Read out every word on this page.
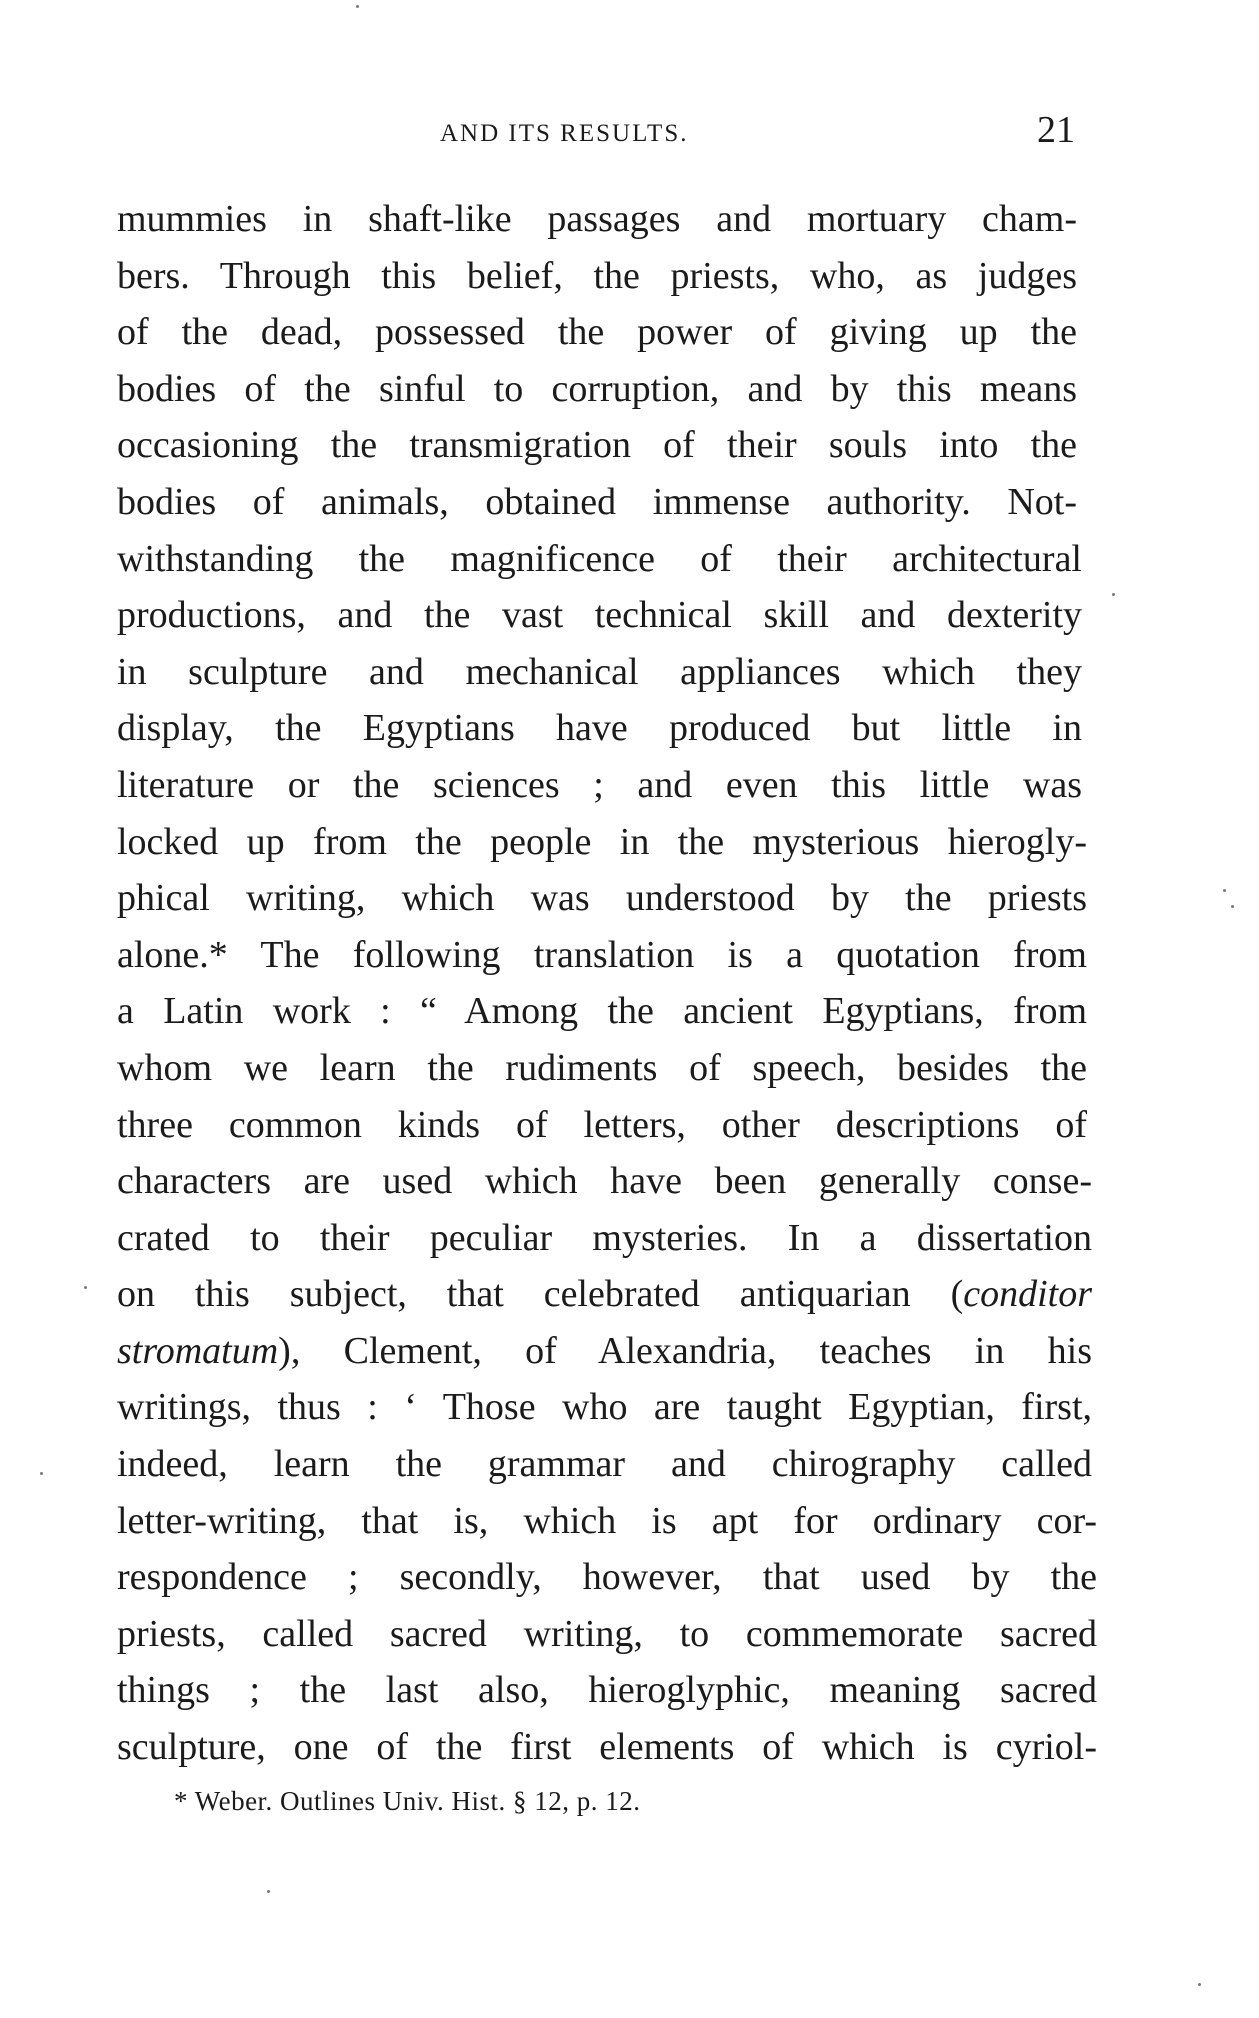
AND ITS RESULTS.	21
mummies in shaft-like passages and mortuary cham-
bers. Through this belief, the priests, who, as judges
of the dead, possessed the power of giving up the
bodies of the sinful to corruption, and by this means
occasioning the transmigration of their souls into the
bodies of animals, obtained immense authority. Not-
withstanding the magnificence of their architectural
productions, and the vast technical skill and dexterity
in sculpture and mechanical appliances which they
display, the Egyptians have produced but little in
literature or the sciences ; and even this little was
locked up from the people in the mysterious hierogly-
phical writing, which was understood by the priests
alone.* The following translation is a quotation from
a Latin work : “ Among the ancient Egyptians, from
whom we learn the rudiments of speech, besides the
three common kinds of letters, other descriptions of
characters are used which have been generally conse-
crated to their peculiar mysteries. In a dissertation
on this subject, that celebrated antiquarian (conditor
stromatum), Clement, of Alexandria, teaches in his
writings, thus : ‘ Those who are taught Egyptian, first,
indeed, learn the grammar and chirography called
letter-writing, that is, which is apt for ordinary cor-
respondence ; secondly, however, that used by the
priests, called sacred writing, to commemorate sacred
things ; the last also, hieroglyphic, meaning sacred
sculpture, one of the first elements of which is cyriol-
* Weber. Outlines Univ. Hist. § 12, p. 12.
